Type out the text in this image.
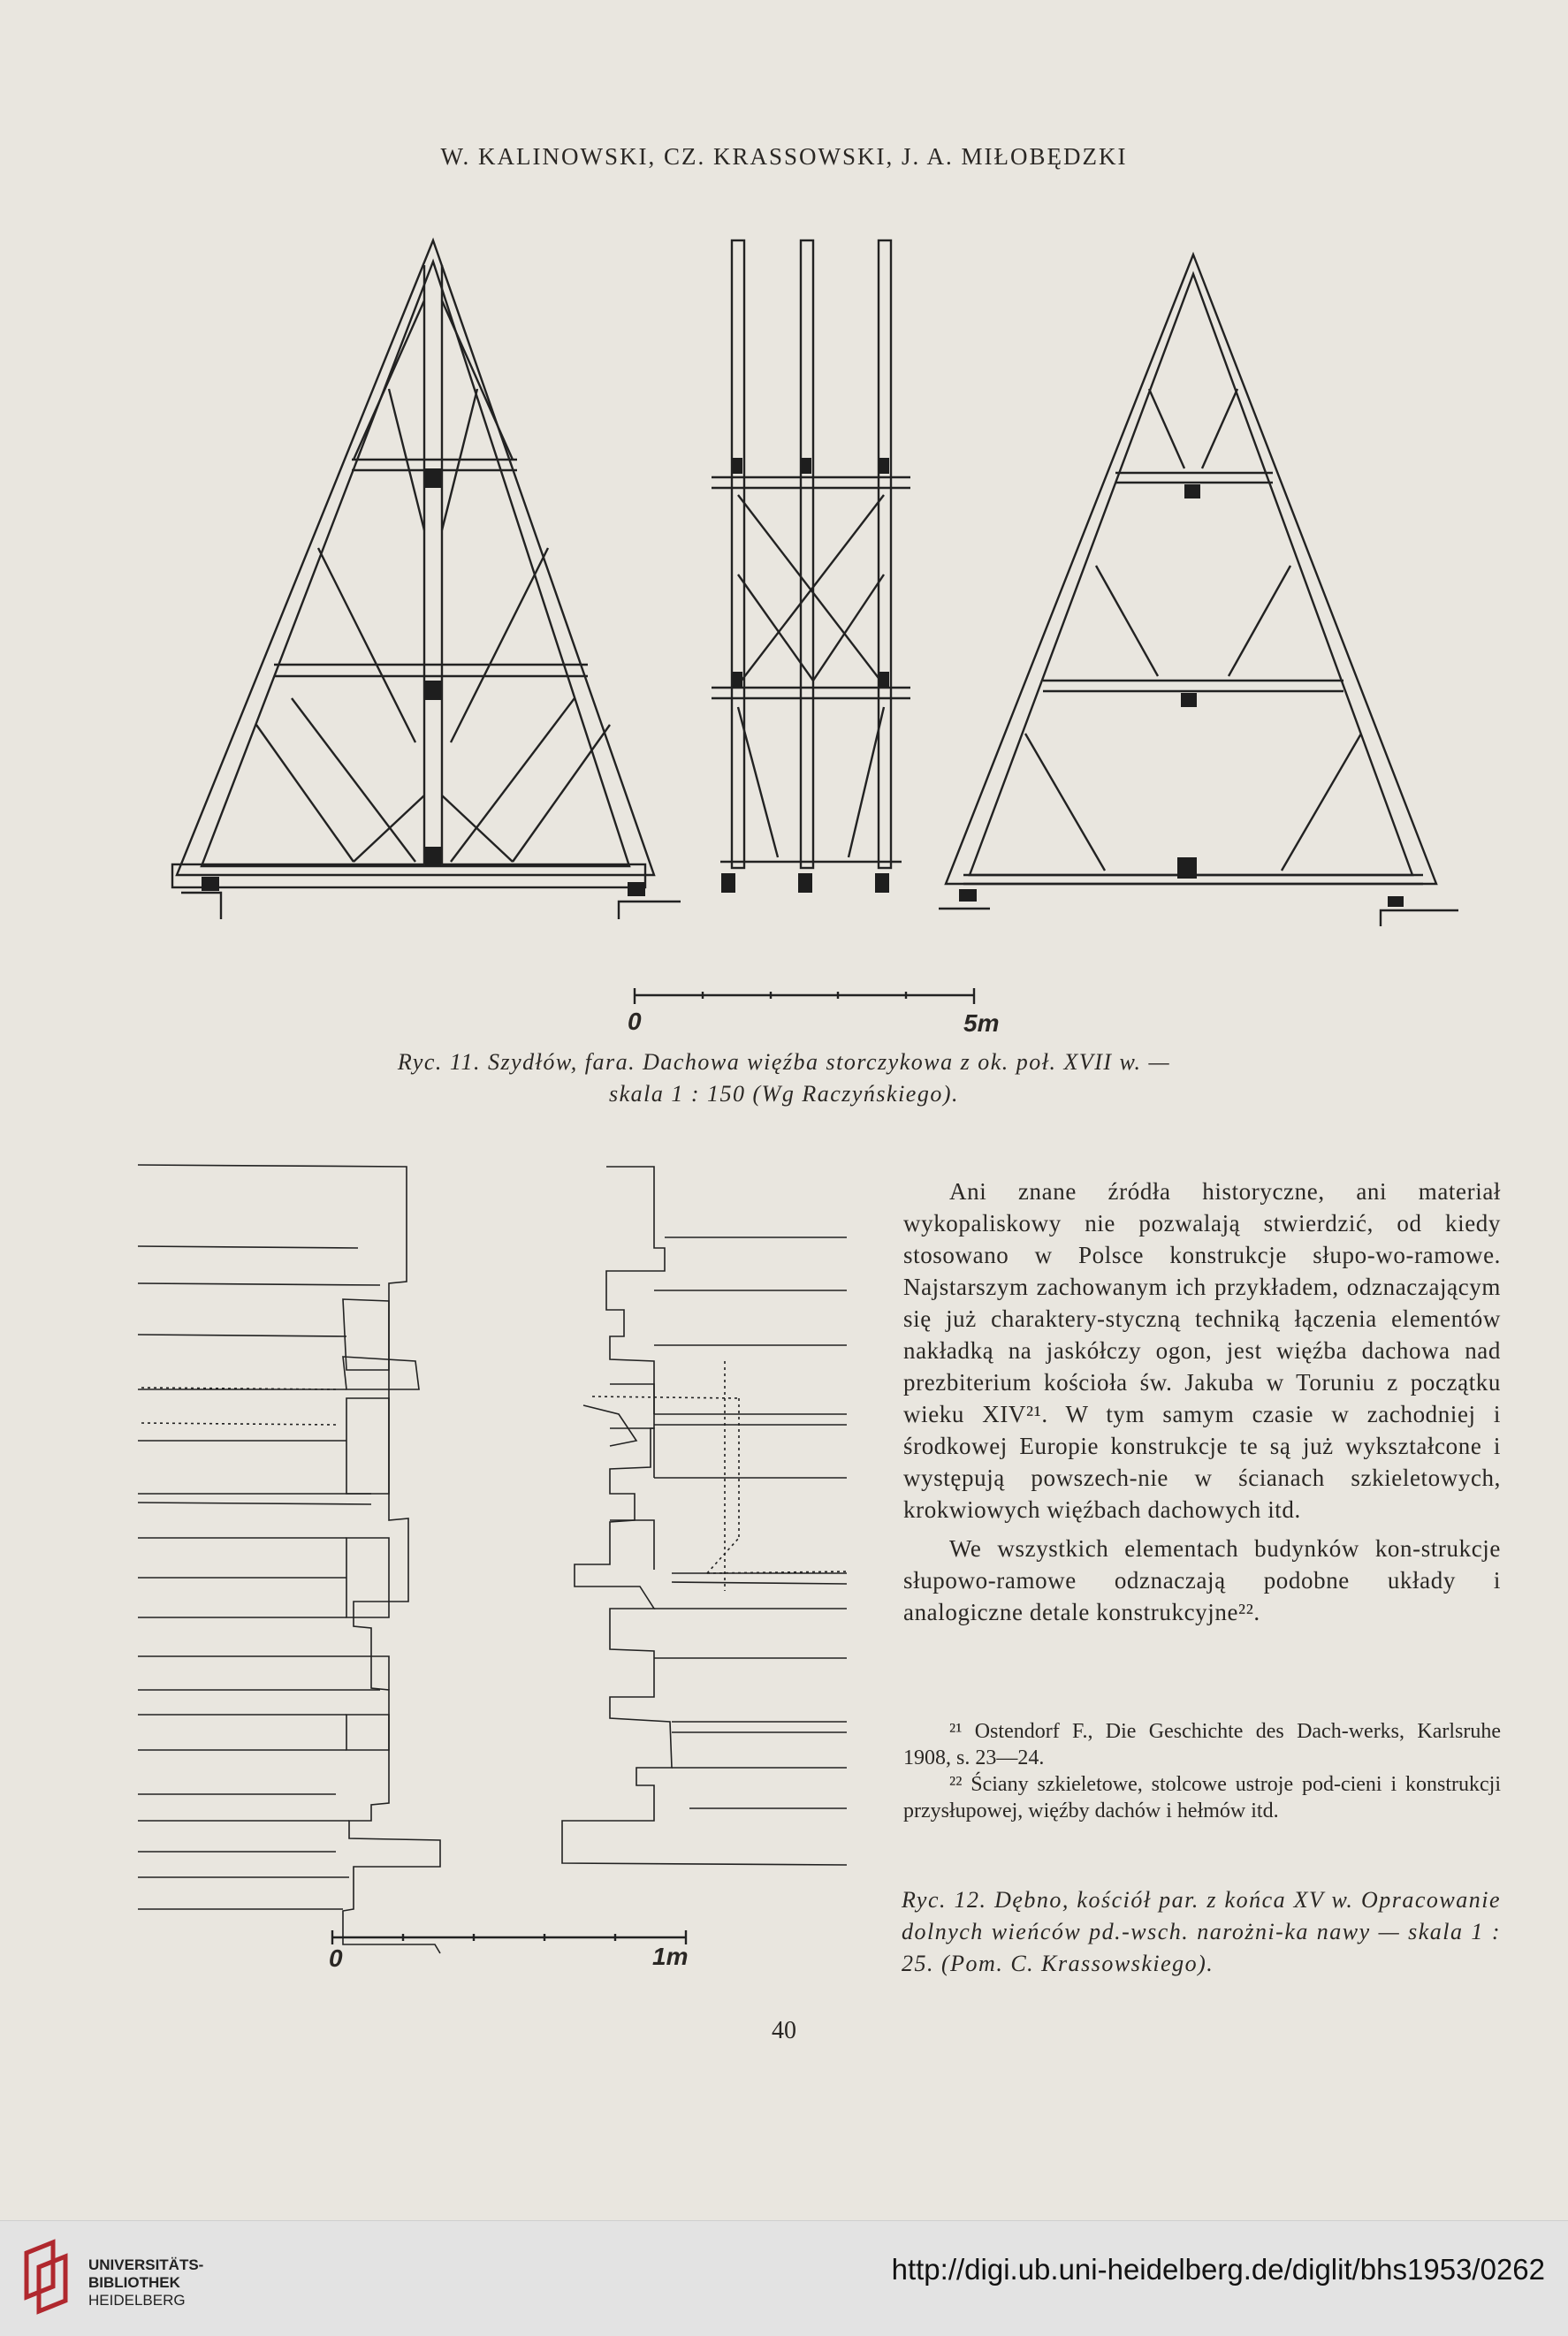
W. KALINOWSKI, CZ. KRASSOWSKI, J. A. MIŁOBĘDZKI
0	5m
Ryc. 11. Szydłów, fara. Dachowa więźba storczykowa z ok. poł. XVII w. —
skala 1 : 150 (Wg Raczyńskiego).
0	1m

Ani znane źródła historyczne, ani materiał wykopaliskowy nie pozwalają stwierdzić, od kiedy stosowano w Polsce konstrukcje słupo-wo-ramowe. Najstarszym zachowanym ich przykładem, odznaczającym się już charaktery-styczną techniką łączenia elementów nakładką na jaskółczy ogon, jest więźba dachowa nad prezbiterium kościoła św. Jakuba w Toruniu z początku wieku XIV²¹. W tym samym czasie w zachodniej i środkowej Europie konstrukcje te są już wykształcone i występują powszech-nie w ścianach szkieletowych, krokwiowych więźbach dachowych itd.

We wszystkich elementach budynków kon-strukcje słupowo-ramowe odznaczają podobne układy i analogiczne detale konstrukcyjne²².

²¹ Ostendorf F., Die Geschichte des Dach-werks, Karlsruhe 1908, s. 23—24.

²² Ściany szkieletowe, stolcowe ustroje pod-cieni i konstrukcji przysłupowej, więźby dachów i hełmów itd.

Ryc. 12. Dębno, kościół par. z końca XV w. Opracowanie dolnych wieńców pd.-wsch. narożni-ka nawy — skala 1 : 25. (Pom. C. Krassowskiego).
40
UNIVERSITÄTS-
BIBLIOTHEK
HEIDELBERG
http://digi.ub.uni-heidelberg.de/diglit/bhs1953/0262
